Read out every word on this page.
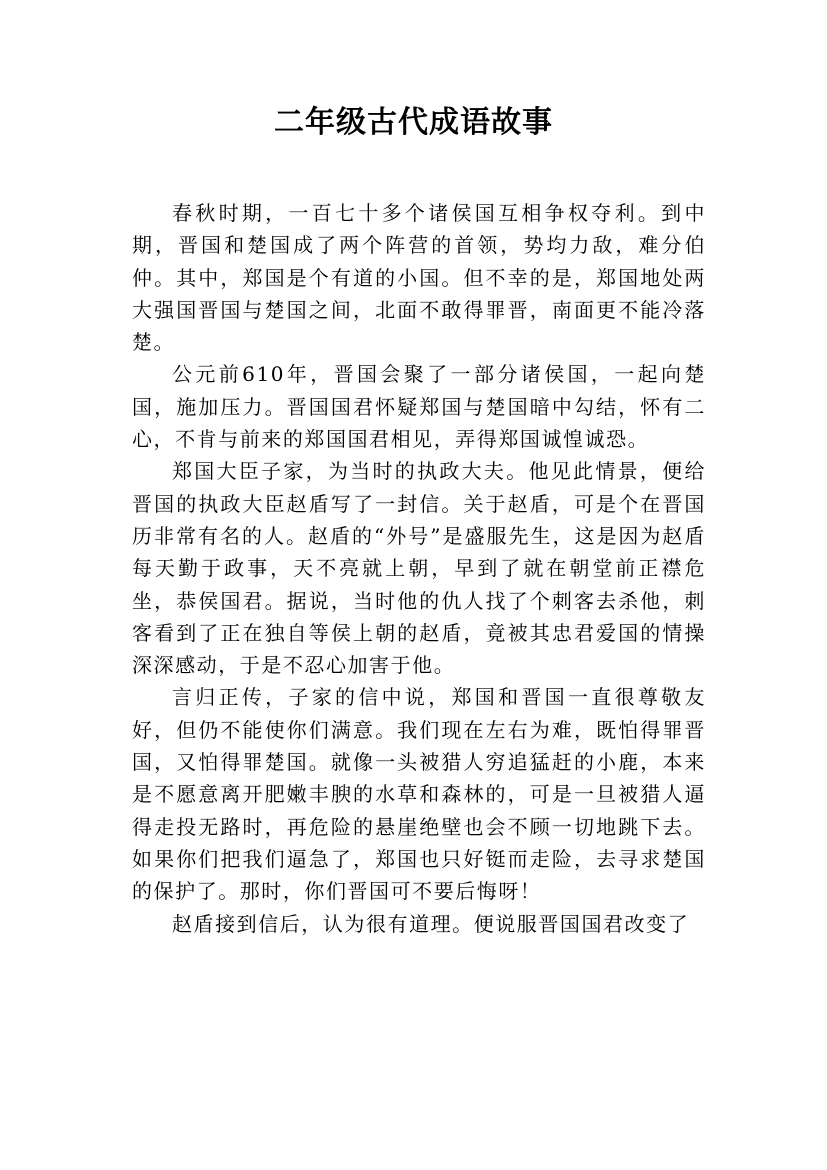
二年级古代成语故事

春秋时期，一百七十多个诸侯国互相争权夺利。到中期，晋国和楚国成了两个阵营的首领，势均力敌，难分伯仲。其中，郑国是个有道的小国。但不幸的是，郑国地处两大强国晋国与楚国之间，北面不敢得罪晋，南面更不能冷落楚。

公元前610年，晋国会聚了一部分诸侯国，一起向楚国，施加压力。晋国国君怀疑郑国与楚国暗中勾结，怀有二心，不肯与前来的郑国国君相见，弄得郑国诚惶诚恐。

郑国大臣子家，为当时的执政大夫。他见此情景，便给晋国的执政大臣赵盾写了一封信。关于赵盾，可是个在晋国历非常有名的人。赵盾的“外号”是盛服先生，这是因为赵盾每天勤于政事，天不亮就上朝，早到了就在朝堂前正襟危坐，恭侯国君。据说，当时他的仇人找了个刺客去杀他，刺客看到了正在独自等侯上朝的赵盾，竟被其忠君爱国的情操深深感动，于是不忍心加害于他。

言归正传，子家的信中说，郑国和晋国一直很尊敬友好，但仍不能使你们满意。我们现在左右为难，既怕得罪晋国，又怕得罪楚国。就像一头被猎人穷追猛赶的小鹿，本来是不愿意离开肥嫩丰腴的水草和森林的，可是一旦被猎人逼得走投无路时，再危险的悬崖绝壁也会不顾一切地跳下去。如果你们把我们逼急了，郑国也只好铤而走险，去寻求楚国的保护了。那时，你们晋国可不要后悔呀！

赵盾接到信后，认为很有道理。便说服晋国国君改变了
